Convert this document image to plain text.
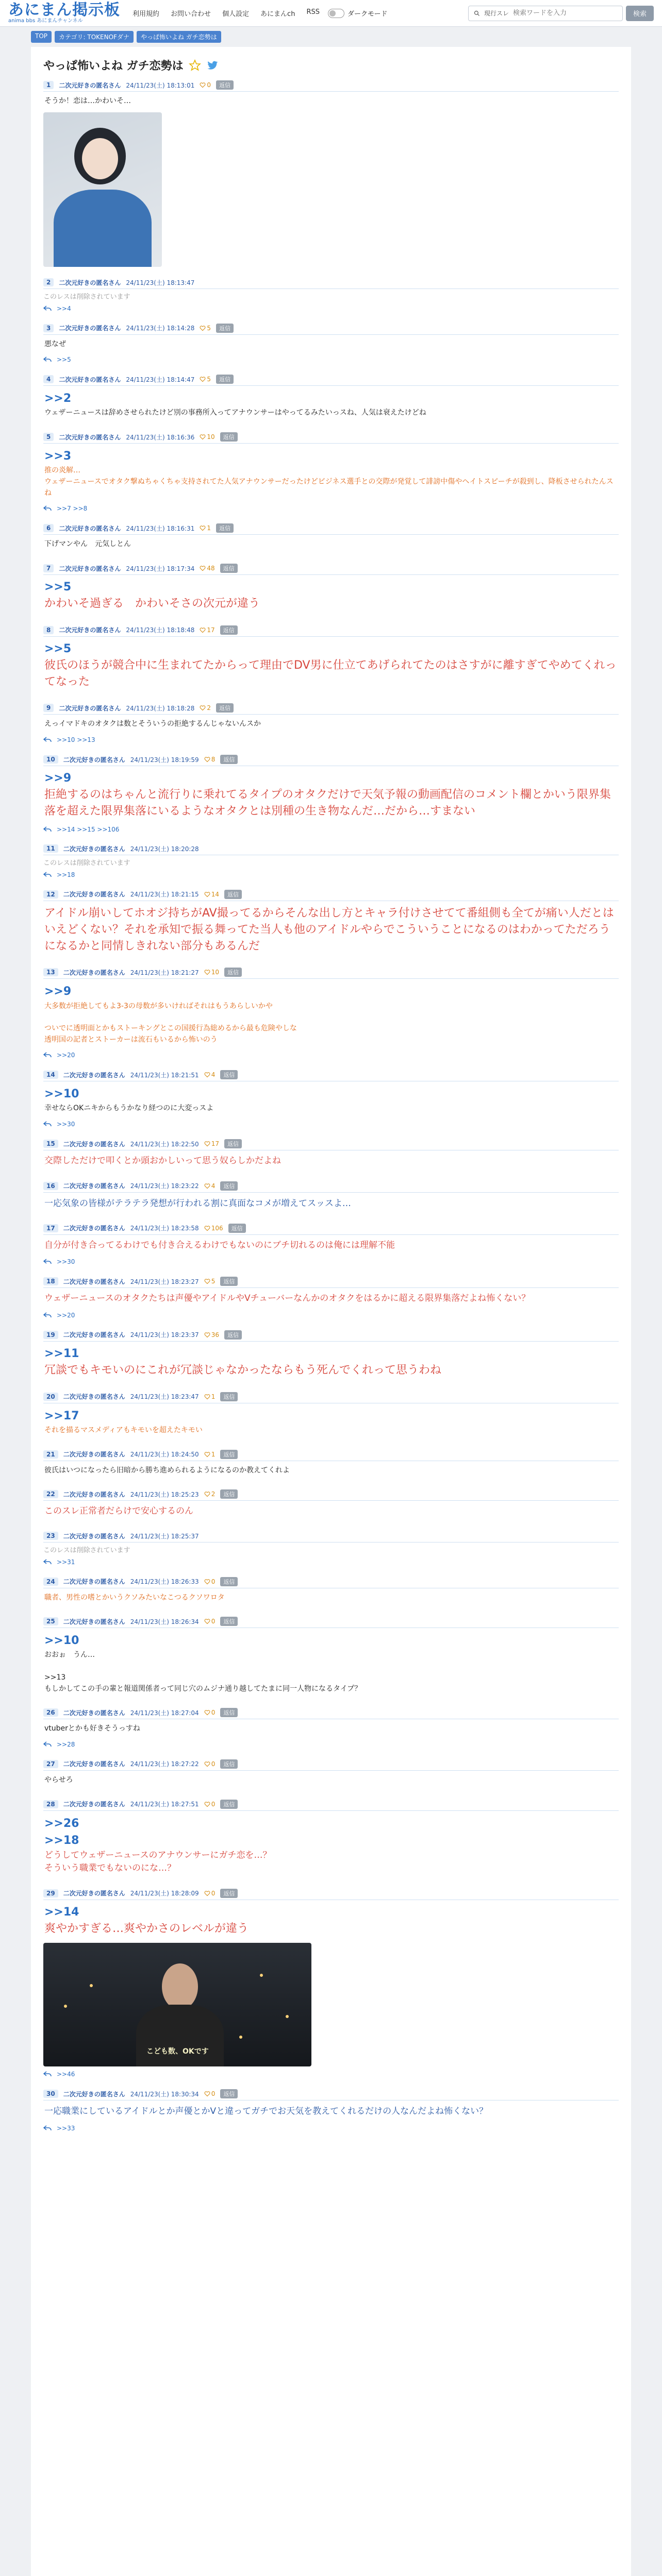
あにまん掲示板
anima bbs あにまんチャンネル
利用規約 お問い合わせ 個人設定 あにまんch RSS	ダークモード	現行スレ
検索ワードを入力	検索
TOP	カテゴリ: TOKENOFダナ	やっぱ怖いよね ガチ恋勢は
やっぱ怖いよね ガチ恋勢は
1	二次元好きの匿名さん 24/11/23(土) 18:13:01 0	返信
そうか！恋は…かわいそ…
2	二次元好きの匿名さん 24/11/23(土) 18:13:47
このレスは削除されています
>>4
3	二次元好きの匿名さん 24/11/23(土) 18:14:28 5	返信
悪なぜ
>>5
4	二次元好きの匿名さん 24/11/23(土) 18:14:47 5	返信
>>2
ウェザーニュースは辞めさせられたけど別の事務所入ってアナウンサーはやってるみたいっスね、人気は衰えたけどね
5	二次元好きの匿名さん 24/11/23(土) 18:16:36 10	返信
>>3
推の炎解…
ウェザーニュースでオタク撃ぬちゃくちゃ支持されてた人気アナウンサーだったけどビジネス選手との交際が発覚して誹謗中傷やヘイトスピーチが殺到し、降板させられたんスね
>>7 >>8
6	二次元好きの匿名さん 24/11/23(土) 18:16:31 1	返信
下げマンやん　元気しとん
7	二次元好きの匿名さん 24/11/23(土) 18:17:34 48	返信
>>5
かわいそ過ぎる　かわいそさの次元が違う
8	二次元好きの匿名さん 24/11/23(土) 18:18:48 17	返信
>>5
彼氏のほうが競合中に生まれてたからって理由でDV男に仕立てあげられてたのはさすがに離すぎてやめてくれってなった
9	二次元好きの匿名さん 24/11/23(土) 18:18:28 2	返信
えっイマドキのオタクは数とそういうの拒絶するんじゃないんスか
>>10 >>13
10	二次元好きの匿名さん 24/11/23(土) 18:19:59 8	返信
>>9
拒絶するのはちゃんと流行りに乗れてるタイプのオタクだけで天気予報の動画配信のコメント欄とかいう限界集落を超えた限界集落にいるようなオタクとは別種の生き物なんだ…だから…すまない
>>14 >>15 >>106
11	二次元好きの匿名さん 24/11/23(土) 18:20:28
このレスは削除されています
>>18
12	二次元好きの匿名さん 24/11/23(土) 18:21:15 14	返信
アイドル崩いしてホオジ持ちがAV撮ってるからそんな出し方とキャラ付けさせてて番組側も全てが痛い人だとはいえどくない？それを承知で振る舞ってた当人も他のアイドルやらでこういうことになるのはわかってただろうになるかと同情しきれない部分もあるんだ
13	二次元好きの匿名さん 24/11/23(土) 18:21:27 10	返信
>>9
大多数が拒絶してもよ3-3の母数が多いければそれはもうあらしいかや

ついでに透明面とかもストーキングとこの国援行為総めるから最も危険やしな
透明国の記者とストーカーは流石もいるから怖いのう
>>20
14	二次元好きの匿名さん 24/11/23(土) 18:21:51 4	返信
>>10
幸せならOKニキからもうかなり経つのに大変っスよ
>>30
15	二次元好きの匿名さん 24/11/23(土) 18:22:50 17	返信
交際しただけで叩くとか頭おかしいって思う奴らしかだよね
16	二次元好きの匿名さん 24/11/23(土) 18:23:22 4	返信
一応気象の皆様がテラテラ発想が行われる割に真面なコメが増えてスッスよ…
17	二次元好きの匿名さん 24/11/23(土) 18:23:58 106	返信
自分が付き合ってるわけでも付き合えるわけでもないのにブチ切れるのは俺には理解不能
>>30
18	二次元好きの匿名さん 24/11/23(土) 18:23:27 5	返信
ウェザーニュースのオタクたちは声優やアイドルやVチューバーなんかのオタクをはるかに超える限界集落だよね怖くない？
>>20
19	二次元好きの匿名さん 24/11/23(土) 18:23:37 36	返信
>>11
冗談でもキモいのにこれが冗談じゃなかったならもう死んでくれって思うわね
20	二次元好きの匿名さん 24/11/23(土) 18:23:47 1	返信
>>17
それを描るマスメディアもキモいを超えたキモい
21	二次元好きの匿名さん 24/11/23(土) 18:24:50 1	返信
彼氏はいつになったら旧暗から勝ち進められるようになるのか教えてくれよ
22	二次元好きの匿名さん 24/11/23(土) 18:25:23 2	返信
このスレ正常者だらけで安心するのん
23	二次元好きの匿名さん 24/11/23(土) 18:25:37
このレスは削除されています
>>31
24	二次元好きの匿名さん 24/11/23(土) 18:26:33 0	返信
職者、男性の嗜とかいうクソみたいなこつるクソワロタ
25	二次元好きの匿名さん 24/11/23(土) 18:26:34 0	返信
>>10
おおぉ　うん…

>>13
もしかしてこの手の輩と報道関係者って同じ穴のムジナ通り越してたまに同一人物になるタイプ？
26	二次元好きの匿名さん 24/11/23(土) 18:27:04 0	返信
vtuberとかも好きそうっすね
>>28
27	二次元好きの匿名さん 24/11/23(土) 18:27:22 0	返信
やらせろ
28	二次元好きの匿名さん 24/11/23(土) 18:27:51 0	返信
>>26
>>18
どうしてウェザーニュースのアナウンサーにガチ恋を…？
そういう職業でもないのにな…？
29	二次元好きの匿名さん 24/11/23(土) 18:28:09 0	返信
>>14
爽やかすぎる…爽やかさのレベルが違う
こども数、OKです
>>46
30	二次元好きの匿名さん 24/11/23(土) 18:30:34 0	返信
一応職業にしているアイドルとか声優とかVと違ってガチでお天気を教えてくれるだけの人なんだよね怖くない？
>>33
